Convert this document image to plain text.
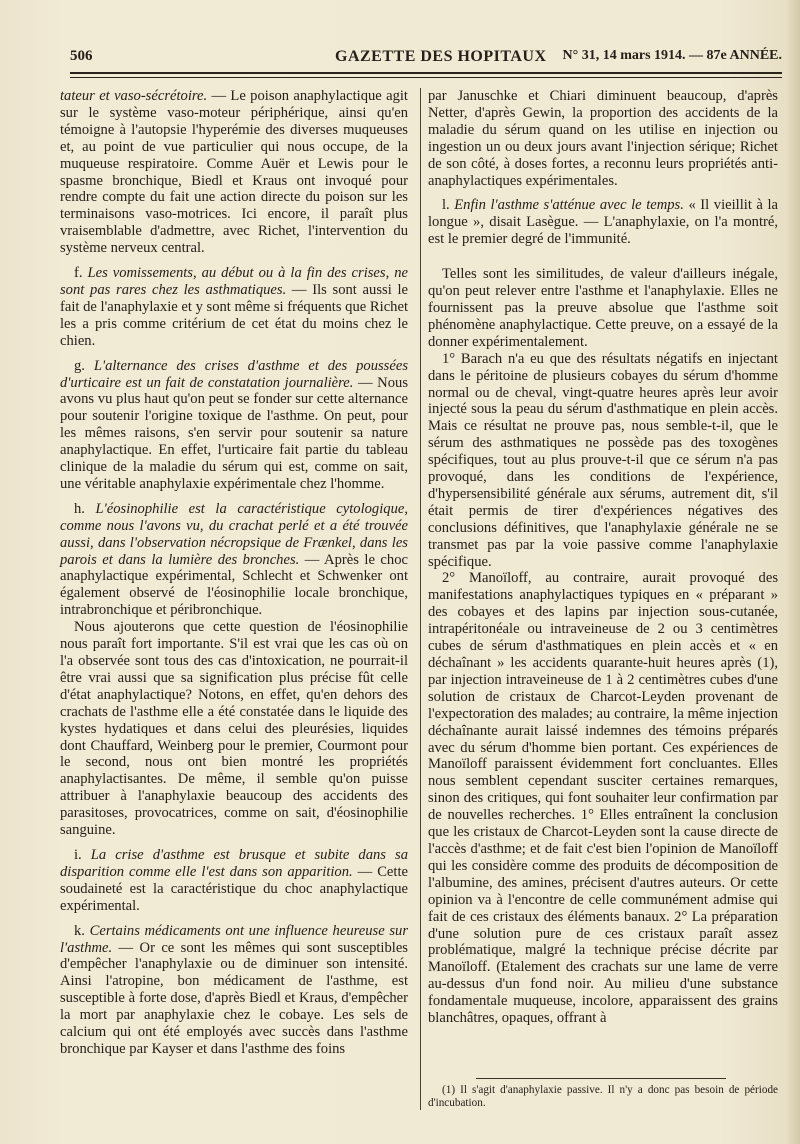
506	GAZETTE DES HOPITAUX N° 31, 14 mars 1914. — 87e ANNÉE.

tateur et vaso-sécrétoire. — Le poison anaphylactique agit sur le système vaso-moteur périphérique, ainsi qu'en témoigne à l'autopsie l'hyperémie des diverses muqueuses et, au point de vue particulier qui nous occupe, de la muqueuse respiratoire. Comme Auër et Lewis pour le spasme bronchique, Biedl et Kraus ont invoqué pour rendre compte du fait une action directe du poison sur les terminaisons vaso-motrices. Ici encore, il paraît plus vraisemblable d'admettre, avec Richet, l'intervention du système nerveux central.

f. Les vomissements, au début ou à la fin des crises, ne sont pas rares chez les asthmatiques. — Ils sont aussi le fait de l'anaphylaxie et y sont même si fréquents que Richet les a pris comme critérium de cet état du moins chez le chien.

g. L'alternance des crises d'asthme et des poussées d'urticaire est un fait de constatation journalière. — Nous avons vu plus haut qu'on peut se fonder sur cette alternance pour soutenir l'origine toxique de l'asthme. On peut, pour les mêmes raisons, s'en servir pour soutenir sa nature anaphylactique. En effet, l'urticaire fait partie du tableau clinique de la maladie du sérum qui est, comme on sait, une véritable anaphylaxie expérimentale chez l'homme.

h. L'éosinophilie est la caractéristique cytologique, comme nous l'avons vu, du crachat perlé et a été trouvée aussi, dans l'observation nécropsique de Frænkel, dans les parois et dans la lumière des bronches. — Après le choc anaphylactique expérimental, Schlecht et Schwenker ont également observé de l'éosinophilie locale bronchique, intrabronchique et péribronchique.

Nous ajouterons que cette question de l'éosinophilie nous paraît fort importante. S'il est vrai que les cas où on l'a observée sont tous des cas d'intoxication, ne pourrait-il être vrai aussi que sa signification plus précise fût celle d'état anaphylactique? Notons, en effet, qu'en dehors des crachats de l'asthme elle a été constatée dans le liquide des kystes hydatiques et dans celui des pleurésies, liquides dont Chauffard, Weinberg pour le premier, Courmont pour le second, nous ont bien montré les propriétés anaphylactisantes. De même, il semble qu'on puisse attribuer à l'anaphylaxie beaucoup des accidents des parasitoses, provocatrices, comme on sait, d'éosinophilie sanguine.

i. La crise d'asthme est brusque et subite dans sa disparition comme elle l'est dans son apparition. — Cette soudaineté est la caractéristique du choc anaphylactique expérimental.

k. Certains médicaments ont une influence heureuse sur l'asthme. — Or ce sont les mêmes qui sont susceptibles d'empêcher l'anaphylaxie ou de diminuer son intensité. Ainsi l'atropine, bon médicament de l'asthme, est susceptible à forte dose, d'après Biedl et Kraus, d'empêcher la mort par anaphylaxie chez le cobaye. Les sels de calcium qui ont été employés avec succès dans l'asthme bronchique par Kayser et dans l'asthme des foins

par Januschke et Chiari diminuent beaucoup, d'après Netter, d'après Gewin, la proportion des accidents de la maladie du sérum quand on les utilise en injection ou ingestion un ou deux jours avant l'injection sérique; Richet de son côté, à doses fortes, a reconnu leurs propriétés anti-anaphylactiques expérimentales.

l. Enfin l'asthme s'atténue avec le temps. « Il vieillit à la longue », disait Lasègue. — L'anaphylaxie, on l'a montré, est le premier degré de l'immunité.

Telles sont les similitudes, de valeur d'ailleurs inégale, qu'on peut relever entre l'asthme et l'anaphylaxie. Elles ne fournissent pas la preuve absolue que l'asthme soit phénomène anaphylactique. Cette preuve, on a essayé de la donner expérimentalement.

1° Barach n'a eu que des résultats négatifs en injectant dans le péritoine de plusieurs cobayes du sérum d'homme normal ou de cheval, vingt-quatre heures après leur avoir injecté sous la peau du sérum d'asthmatique en plein accès. Mais ce résultat ne prouve pas, nous semble-t-il, que le sérum des asthmatiques ne possède pas des toxogènes spécifiques, tout au plus prouve-t-il que ce sérum n'a pas provoqué, dans les conditions de l'expérience, d'hypersensibilité générale aux sérums, autrement dit, s'il était permis de tirer d'expériences négatives des conclusions définitives, que l'anaphylaxie générale ne se transmet pas par la voie passive comme l'anaphylaxie spécifique.

2° Manoïloff, au contraire, aurait provoqué des manifestations anaphylactiques typiques en « préparant » des cobayes et des lapins par injection sous-cutanée, intrapéritonéale ou intraveineuse de 2 ou 3 centimètres cubes de sérum d'asthmatiques en plein accès et « en déchaînant » les accidents quarante-huit heures après (1), par injection intraveineuse de 1 à 2 centimètres cubes d'une solution de cristaux de Charcot-Leyden provenant de l'expectoration des malades; au contraire, la même injection déchaînante aurait laissé indemnes des témoins préparés avec du sérum d'homme bien portant. Ces expériences de Manoïloff paraissent évidemment fort concluantes. Elles nous semblent cependant susciter certaines remarques, sinon des critiques, qui font souhaiter leur confirmation par de nouvelles recherches. 1° Elles entraînent la conclusion que les cristaux de Charcot-Leyden sont la cause directe de l'accès d'asthme; et de fait c'est bien l'opinion de Manoïloff qui les considère comme des produits de décomposition de l'albumine, des amines, précisent d'autres auteurs. Or cette opinion va à l'encontre de celle communément admise qui fait de ces cristaux des éléments banaux. 2° La préparation d'une solution pure de ces cristaux paraît assez problématique, malgré la technique précise décrite par Manoïloff. (Etalement des crachats sur une lame de verre au-dessus d'un fond noir. Au milieu d'une substance fondamentale muqueuse, incolore, apparaissent des grains blanchâtres, opaques, offrant à

(1) Il s'agit d'anaphylaxie passive. Il n'y a donc pas besoin de période d'incubation.
